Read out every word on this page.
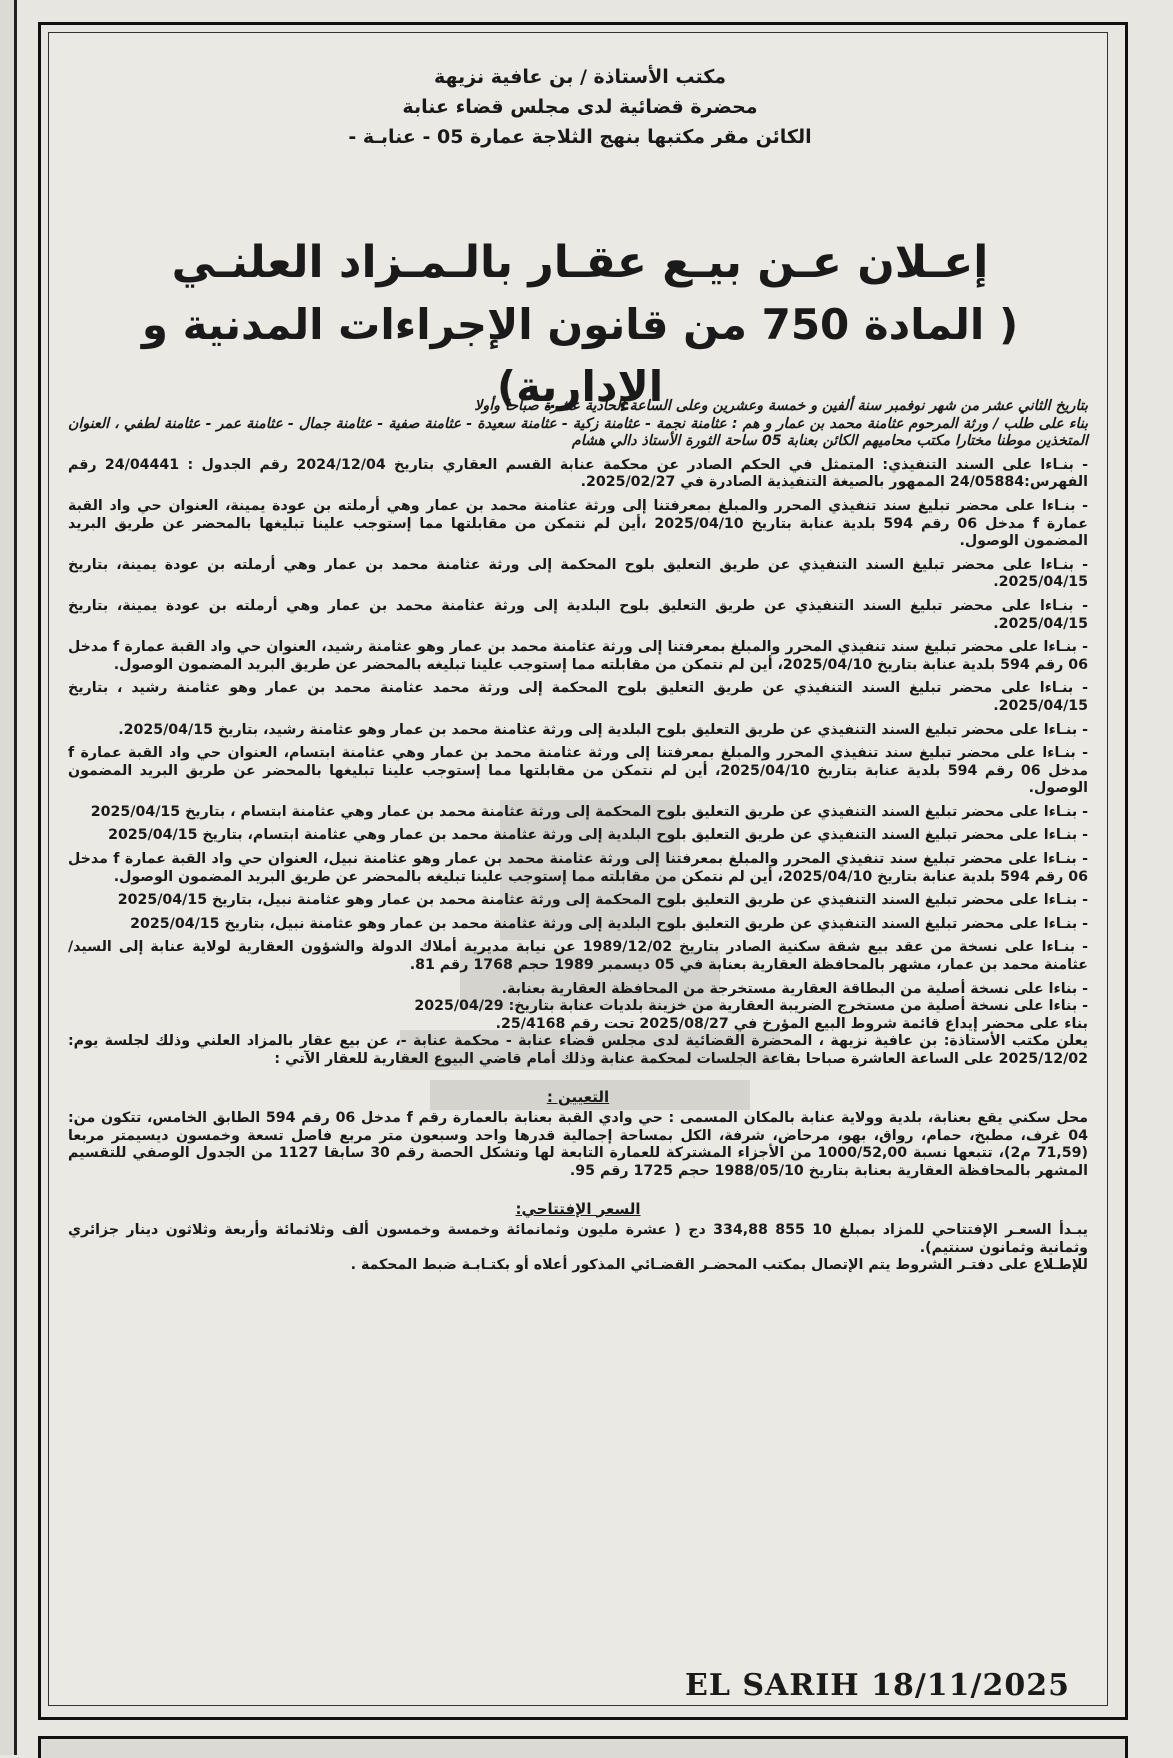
مكتب الأستاذة / بن عافية نزيهة
محضرة قضائية لدى مجلس قضاء عنابة
الكائن مقر مكتبها بنهج الثلاجة عمارة 05 - عنابـة -
إعـلان عـن بيـع عقـار بالـمـزاد العلنـي
( المادة 750 من قانون الإجراءات المدنية و الإدارية)

بتاريخ الثاني عشر من شهر نوفمبر سنة ألفين و خمسة وعشرين وعلى الساعة الحادية عشرة صباحا وأولا

بناء على طلب / ورثة المرحوم عثامنة محمد بن عمار و هم : عثامنة نجمة - عثامنة زكية - عثامنة سعيدة - عثامنة صفية - عثامنة جمال - عثامنة عمر - عثامنة لطفي ، العنوان المتخذين موطنا مختارا مكتب محاميهم الكائن بعنابة 05 ساحة الثورة الأستاذ دالي هشام

- بنـاءا على السند التنفيذي: المتمثل في الحكم الصادر عن محكمة عنابة القسم العقاري بتاريخ 2024/12/04 رقم الجدول : 24/04441 رقم الفهرس:24/05884 الممهور بالصيغة التنفيذية الصادرة في 2025/02/27.

- بنـاءا على محضر تبليغ سند تنفيذي المحرر والمبلغ بمعرفتنا إلى ورثة عثامنة محمد بن عمار وهي أرملته بن عودة يمينة، العنوان حي واد القبة عمارة f مدخل 06 رقم 594 بلدية عنابة بتاريخ 2025/04/10 ،أين لم نتمكن من مقابلتها مما إستوجب علينا تبليغها بالمحضر عن طريق البريد المضمون الوصول.

- بنـاءا على محضر تبليغ السند التنفيذي عن طريق التعليق بلوح المحكمة إلى ورثة عثامنة محمد بن عمار وهي أرملته بن عودة يمينة، بتاريخ 2025/04/15.

- بنـاءا على محضر تبليغ السند التنفيذي عن طريق التعليق بلوح البلدية إلى ورثة عثامنة محمد بن عمار وهي أرملته بن عودة يمينة، بتاريخ 2025/04/15.

- بنـاءا على محضر تبليغ سند تنفيذي المحرر والمبلغ بمعرفتنا إلى ورثة عثامنة محمد بن عمار وهو عثامنة رشيد، العنوان حي واد القبة عمارة f مدخل 06 رقم 594 بلدية عنابة بتاريخ 2025/04/10، أين لم نتمكن من مقابلته مما إستوجب علينا تبليغه بالمحضر عن طريق البريد المضمون الوصول.

- بنـاءا على محضر تبليغ السند التنفيذي عن طريق التعليق بلوح المحكمة إلى ورثة محمد عثامنة محمد بن عمار وهو عثامنة رشيد ، بتاريخ 2025/04/15.

- بنـاءا على محضر تبليغ السند التنفيذي عن طريق التعليق بلوح البلدية إلى ورثة عثامنة محمد بن عمار وهو عثامنة رشيد، بتاريخ 2025/04/15.

- بنـاءا على محضر تبليغ سند تنفيذي المحرر والمبلغ بمعرفتنا إلى ورثة عثامنة محمد بن عمار وهي عثامنة ابتسام، العنوان حي واد القبة عمارة f مدخل 06 رقم 594 بلدية عنابة بتاريخ 2025/04/10، أين لم نتمكن من مقابلتها مما إستوجب علينا تبليغها بالمحضر عن طريق البريد المضمون الوصول.

- بنـاءا على محضر تبليغ السند التنفيذي عن طريق التعليق بلوح المحكمة إلى ورثة عثامنة محمد بن عمار وهي عثامنة ابتسام ، بتاريخ 2025/04/15

- بنـاءا على محضر تبليغ السند التنفيذي عن طريق التعليق بلوح البلدية إلى ورثة عثامنة محمد بن عمار وهي عثامنة ابتسام، بتاريخ 2025/04/15

- بنـاءا على محضر تبليغ سند تنفيذي المحرر والمبلغ بمعرفتنا إلى ورثة عثامنة محمد بن عمار وهو عثامنة نبيل، العنوان حي واد القبة عمارة f مدخل 06 رقم 594 بلدية عنابة بتاريخ 2025/04/10، أين لم نتمكن من مقابلته مما إستوجب علينا تبليغه بالمحضر عن طريق البريد المضمون الوصول.

- بنـاءا على محضر تبليغ السند التنفيذي عن طريق التعليق بلوح المحكمة إلى ورثة عثامنة محمد بن عمار وهو عثامنة نبيل، بتاريخ 2025/04/15

- بنـاءا على محضر تبليغ السند التنفيذي عن طريق التعليق بلوح البلدية إلى ورثة عثامنة محمد بن عمار وهو عثامنة نبيل، بتاريخ 2025/04/15

- بنـاءا على نسخة من عقد بيع شقة سكنية الصادر بتاريخ 1989/12/02 عن نيابة مديرية أملاك الدولة والشؤون العقارية لولاية عنابة إلى السيد/ عثامنة محمد بن عمار، مشهر بالمحافظة العقارية بعنابة في 05 ديسمبر 1989 حجم 1768 رقم 81.

- بناءا على نسخة أصلية من البطاقة العقارية مستخرجة من المحافظة العقارية بعنابة.

- بناءا على نسخة أصلية من مستخرج الضريبة العقارية من خزينة بلديات عنابة بتاريخ: 2025/04/29

بناء على محضر إيداع قائمة شروط البيع المؤرخ في 2025/08/27 تحت رقم 25/4168.

يعلن مكتب الأستاذة: بن عافية نزيهة ، المحضرة القضائية لدى مجلس قضاء عنابة - محكمة عنابة -، عن بيع عقار بالمزاد العلني وذلك لجلسة يوم: 2025/12/02 على الساعة العاشرة صباحا بقاعة الجلسات لمحكمة عنابة وذلك أمام قاضي البيوع العقارية للعقار الآتي :

التعيين :

محل سكني يقع بعنابة، بلدية وولاية عنابة بالمكان المسمى : حي وادي القبة بعنابة بالعمارة رقم f مدخل 06 رقم 594 الطابق الخامس، تتكون من: 04 غرف، مطبخ، حمام، رواق، بهو، مرحاض، شرفة، الكل بمساحة إجمالية قدرها واحد وسبعون متر مربع فاصل تسعة وخمسون ديسيمتر مربعا (71,59 م2)، تتبعها نسبة 1000/52,00 من الأجزاء المشتركة للعمارة التابعة لها وتشكل الحصة رقم 30 سابقا 1127 من الجدول الوصفي للتقسيم المشهر بالمحافظة العقارية بعنابة بتاريخ 1988/05/10 حجم 1725 رقم 95.

السعر الإفتتاحي:

يبـدأ السعـر الإفتتاحي للمزاد بمبلغ 10 855 334,88 دج ( عشرة مليون وثمانمائة وخمسة وخمسون ألف وثلاثمائة وأربعة وثلاثون دينار جزائري وثمانية وثمانون سنتيم).

للإطـلاع على دفتـر الشروط يتم الإتصال بمكتب المحضـر القضـائي المذكور أعلاه أو بكتـابـة ضبط المحكمة .

EL SARIH 18/11/2025
